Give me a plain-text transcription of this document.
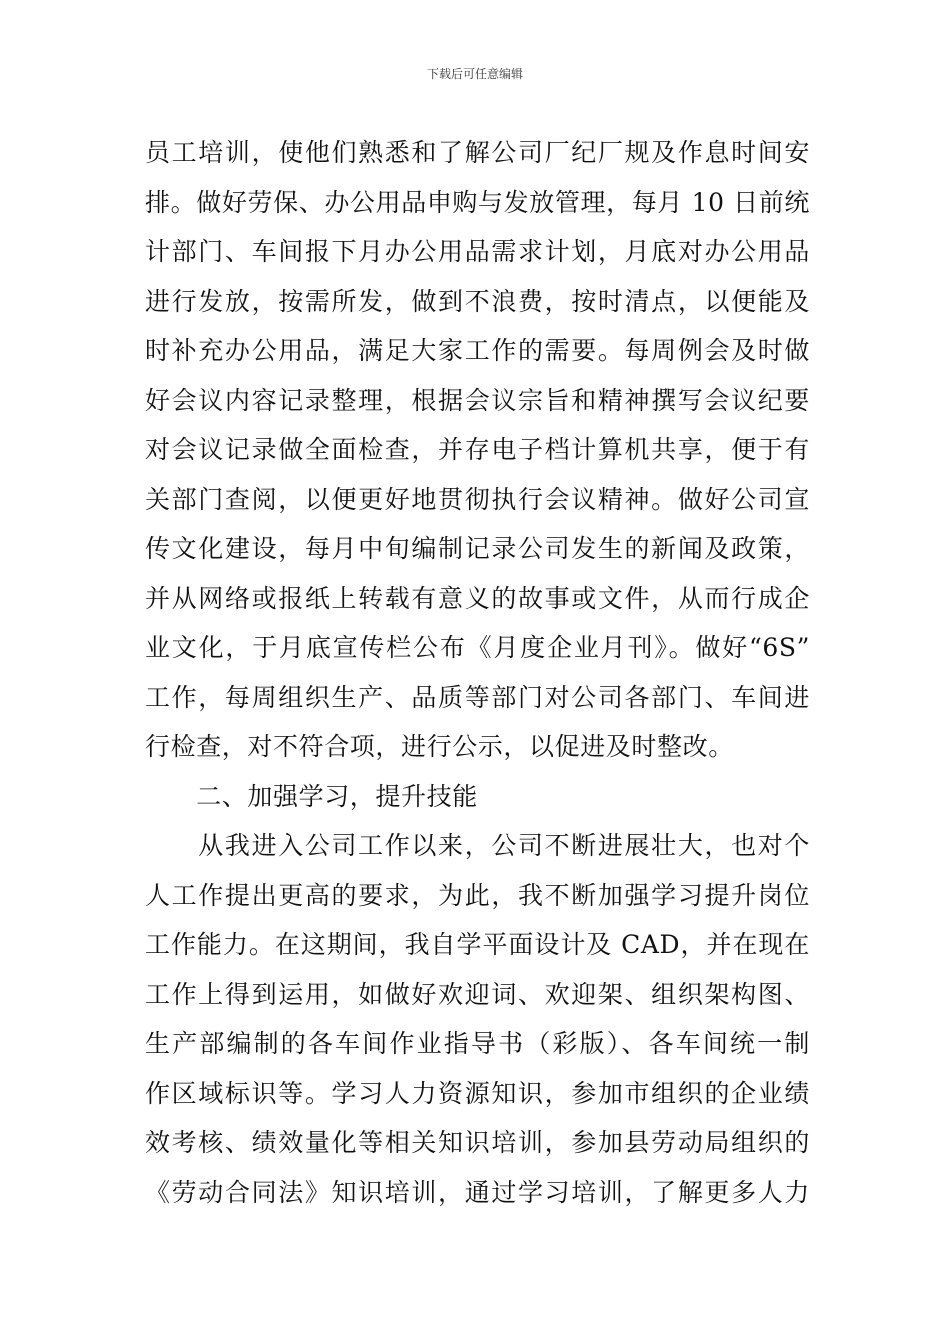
下载后可任意编辑
员工培训，使他们熟悉和了解公司厂纪厂规及作息时间安
排。做好劳保、办公用品申购与发放管理，每月 10 日前统
计部门、车间报下月办公用品需求计划，月底对办公用品
进行发放，按需所发，做到不浪费，按时清点，以便能及
时补充办公用品，满足大家工作的需要。每周例会及时做
好会议内容记录整理，根据会议宗旨和精神撰写会议纪要
对会议记录做全面检查，并存电子档计算机共享，便于有
关部门查阅，以便更好地贯彻执行会议精神。做好公司宣
传文化建设，每月中旬编制记录公司发生的新闻及政策，
并从网络或报纸上转载有意义的故事或文件，从而行成企
业文化，于月底宣传栏公布《月度企业月刊》。做好“6S”
工作，每周组织生产、品质等部门对公司各部门、车间进
行检查，对不符合项，进行公示，以促进及时整改。
　　二、加强学习，提升技能
　　从我进入公司工作以来，公司不断进展壮大，也对个
人工作提出更高的要求，为此，我不断加强学习提升岗位
工作能力。在这期间，我自学平面设计及 CAD，并在现在
工作上得到运用，如做好欢迎词、欢迎架、组织架构图、
生产部编制的各车间作业指导书（彩版）、各车间统一制
作区域标识等。学习人力资源知识，参加市组织的企业绩
效考核、绩效量化等相关知识培训，参加县劳动局组织的
《劳动合同法》知识培训，通过学习培训，了解更多人力
